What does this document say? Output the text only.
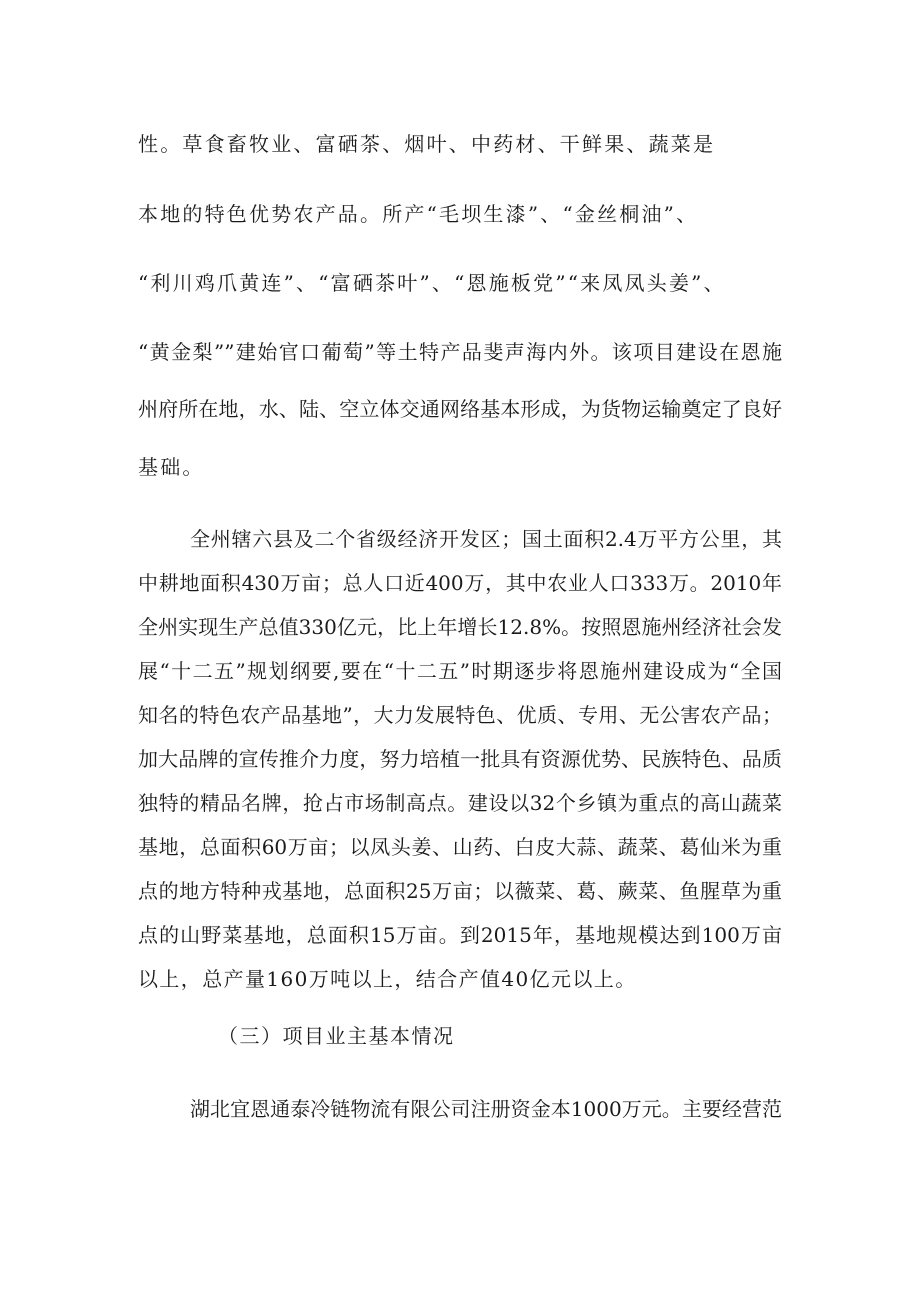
性。草食畜牧业、富硒茶、烟叶、中药材、干鲜果、蔬菜是
本地的特色优势农产品。所产“毛坝生漆”、“金丝桐油”、
“利川鸡爪黄连”、“富硒茶叶”、“恩施板党”“来凤凤头姜”、
“黄金梨””建始官口葡萄”等土特产品斐声海内外。该项目建设在恩施
州府所在地，水、陆、空立体交通网络基本形成，为货物运输奠定了良好
基础。
全州辖六县及二个省级经济开发区；国土面积2.4万平方公里，其
中耕地面积430万亩；总人口近400万，其中农业人口333万。2010年
全州实现生产总值330亿元，比上年增长12.8%。按照恩施州经济社会发
展“十二五”规划纲要,要在“十二五”时期逐步将恩施州建设成为“全国
知名的特色农产品基地”，大力发展特色、优质、专用、无公害农产品；
加大品牌的宣传推介力度，努力培植一批具有资源优势、民族特色、品质
独特的精品名牌，抢占市场制高点。建设以32个乡镇为重点的高山蔬菜
基地，总面积60万亩；以凤头姜、山药、白皮大蒜、蔬菜、葛仙米为重
点的地方特种戎基地，总面积25万亩；以薇菜、葛、蕨菜、鱼腥草为重
点的山野菜基地，总面积15万亩。到2015年，基地规模达到100万亩
以上，总产量160万吨以上，结合产值40亿元以上。
（三）项目业主基本情况
湖北宜恩通泰冷链物流有限公司注册资金本1000万元。主要经营范
